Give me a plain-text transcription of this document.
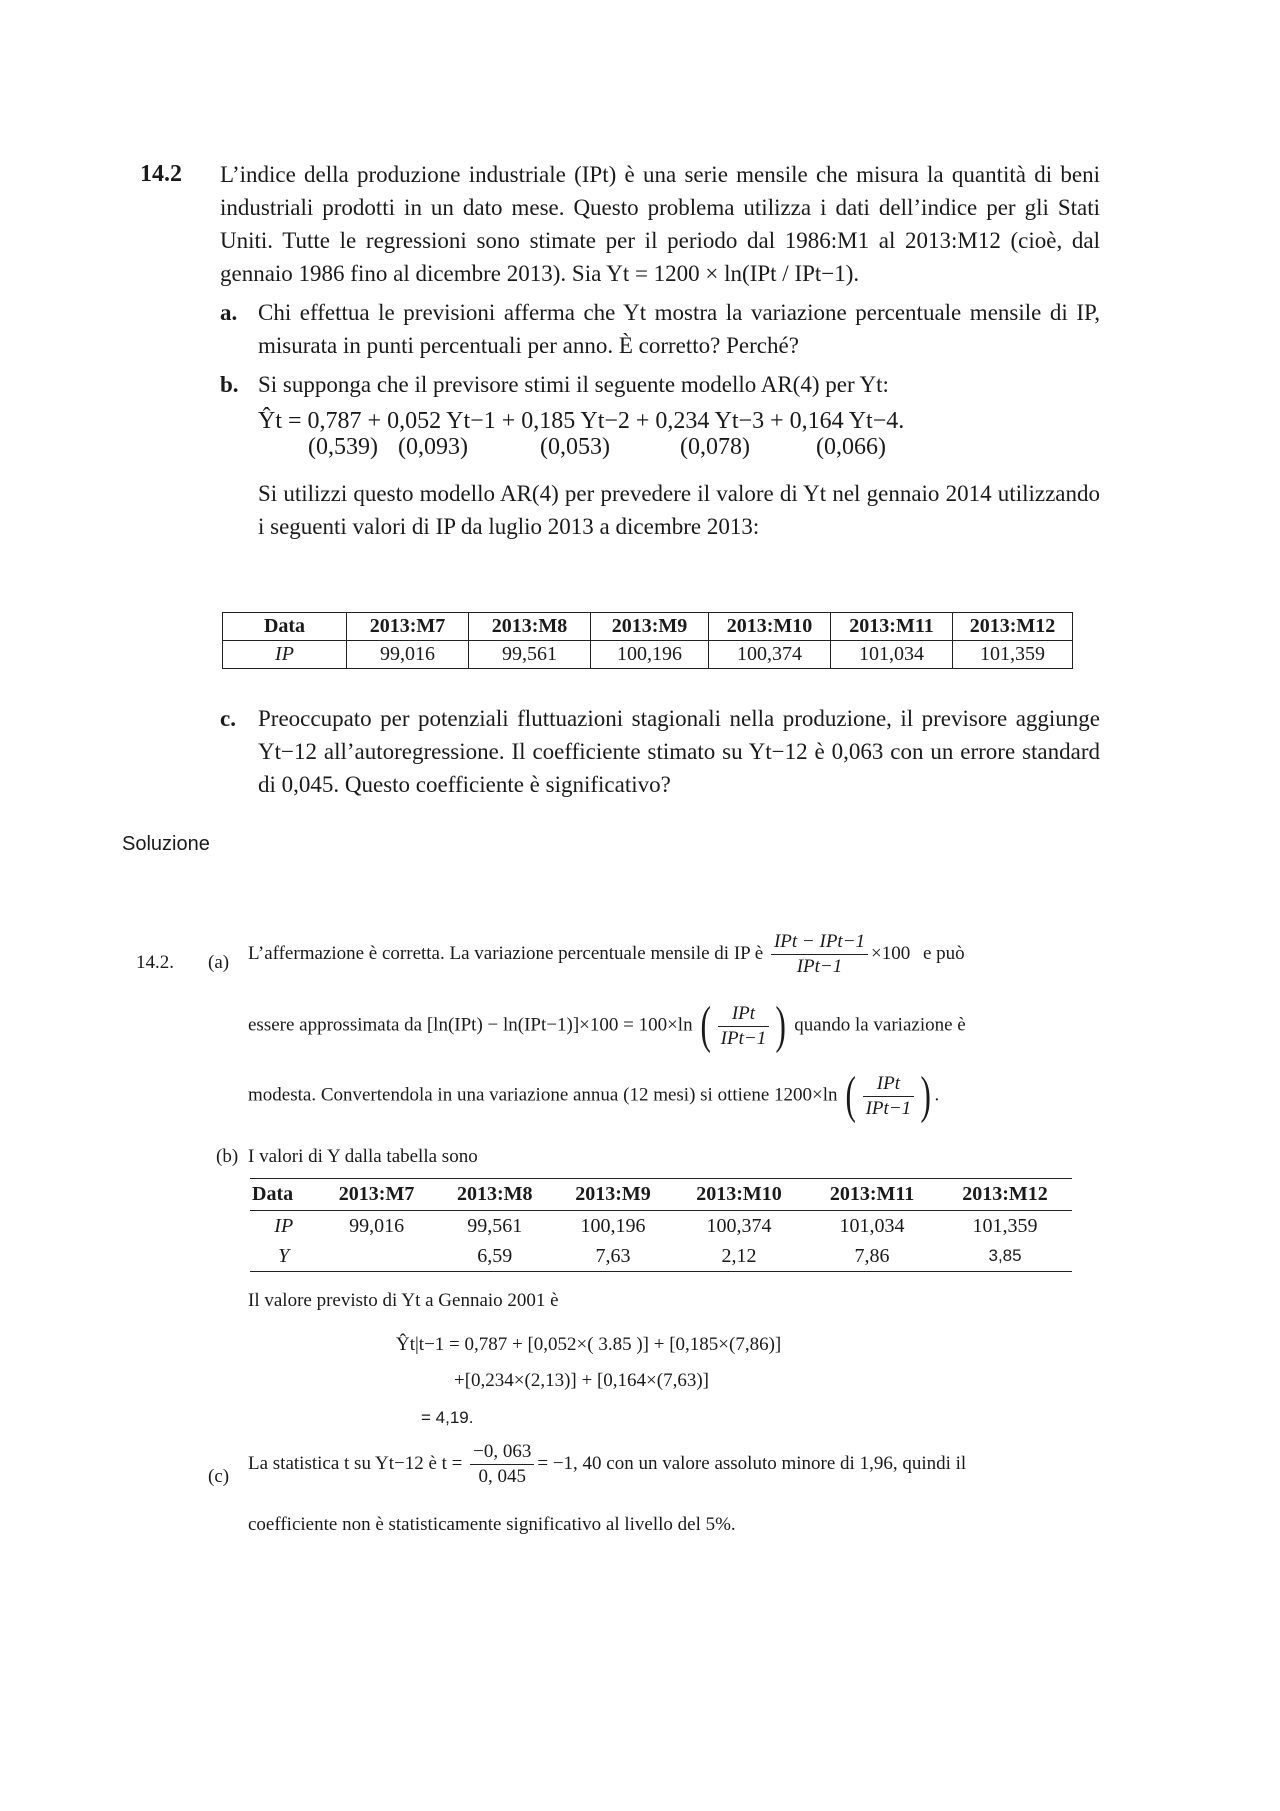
14.2 L’indice della produzione industriale (IPt) è una serie mensile che misura la quantità di beni industriali prodotti in un dato mese. Questo problema utilizza i dati dell’indice per gli Stati Uniti. Tutte le regressioni sono stimate per il periodo dal 1986:M1 al 2013:M12 (cioè, dal gennaio 1986 fino al dicembre 2013). Sia Yt = 1200 × ln(IPt / IPt−1).
a. Chi effettua le previsioni afferma che Yt mostra la variazione percentuale mensile di IP, misurata in punti percentuali per anno. È corretto? Perché?
b. Si supponga che il previsore stimi il seguente modello AR(4) per Yt:
Ŷt = 0,787 + 0,052 Yt−1 + 0,185 Yt−2 + 0,234 Yt−3 + 0,164 Yt−4.
(0,539) (0,093)	(0,053)	(0,078)	(0,066)
Si utilizzi questo modello AR(4) per prevedere il valore di Yt nel gennaio 2014 utilizzando i seguenti valori di IP da luglio 2013 a dicembre 2013:
Data	2013:M7	2013:M8	2013:M9	2013:M10	2013:M11	2013:M12
IP	99,016	99,561	100,196	100,374	101,034	101,359
c. Preoccupato per potenziali fluttuazioni stagionali nella produzione, il previsore aggiunge Yt−12 all’autoregressione. Il coefficiente stimato su Yt−12 è 0,063 con un errore standard di 0,045. Questo coefficiente è significativo?
Soluzione
14.2. (a) L’affermazione è corretta. La variazione percentuale mensile di IP è $\frac{\text{IPt − IPt−1}}{\text{IPt−1}} \times 100$ e può
essere approssimata da [ln(IPt) − ln(IPt−1)]×100 = 100×ln ( $\frac{\text{IPt}}{\text{IPt−1}}$ ) quando la variazione è
modesta. Convertendola in una variazione annua (12 mesi) si ottiene 1200×ln ( $\frac{\text{IPt}}{\text{IPt−1}}$ ) .
(b) I valori di Y dalla tabella sono
Data	2013:M7	2013:M8	2013:M9	2013:M10	2013:M11	2013:M12
IP	99,016	99,561	100,196	100,374	101,034	101,359
Y		6,59	7,63	2,12	7,86	3,85
Il valore previsto di Yt a Gennaio 2001 è
Ŷt|t−1 = 0,787 + [0,052×( 3.85 )] + [0,185×(7,86)]
+[0,234×(2,13)] + [0,164×(7,63)]
= 4,19.
(c)
La statistica t su Yt−12 è $t = \frac{-0, 063}{0, 045} = -1$, 40 con un valore assoluto minore di 1,96, quindi il
coefficiente non è statisticamente significativo al livello del 5%.
